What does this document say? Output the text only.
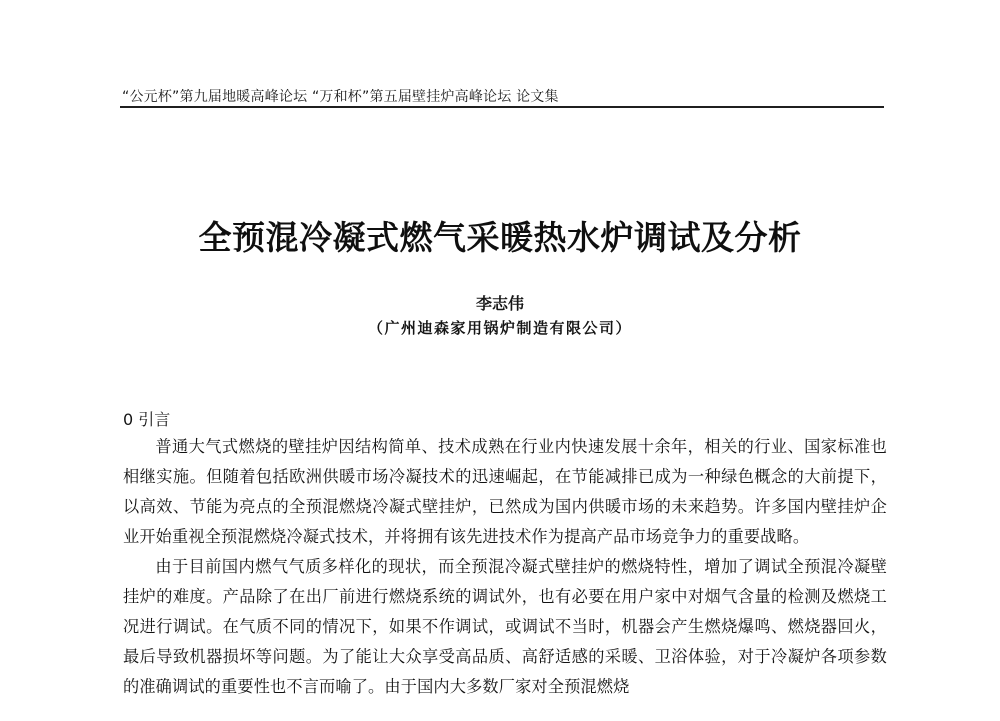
“公元杯”第九届地暖高峰论坛 “万和杯”第五届壁挂炉高峰论坛 论文集
全预混冷凝式燃气采暖热水炉调试及分析
李志伟
（广州迪森家用锅炉制造有限公司）
0 引言

普通大气式燃烧的壁挂炉因结构简单、技术成熟在行业内快速发展十余年，相关的行业、国家标准也相继实施。但随着包括欧洲供暖市场冷凝技术的迅速崛起，在节能减排已成为一种绿色概念的大前提下，以高效、节能为亮点的全预混燃烧冷凝式壁挂炉，已然成为国内供暖市场的未来趋势。许多国内壁挂炉企业开始重视全预混燃烧冷凝式技术，并将拥有该先进技术作为提高产品市场竞争力的重要战略。

由于目前国内燃气气质多样化的现状，而全预混冷凝式壁挂炉的燃烧特性，增加了调试全预混冷凝壁挂炉的难度。产品除了在出厂前进行燃烧系统的调试外，也有必要在用户家中对烟气含量的检测及燃烧工况进行调试。在气质不同的情况下，如果不作调试，或调试不当时，机器会产生燃烧爆鸣、燃烧器回火，最后导致机器损坏等问题。为了能让大众享受高品质、高舒适感的采暖、卫浴体验，对于冷凝炉各项参数的准确调试的重要性也不言而喻了。由于国内大多数厂家对全预混燃烧
